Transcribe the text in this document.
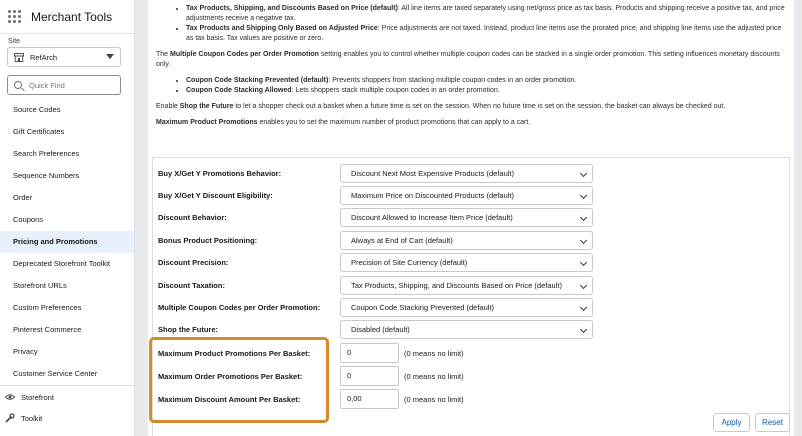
Merchant Tools
Site
RefArch
Quick Find
Source Codes
Gift Certificates
Search Preferences
Sequence Numbers
Order
Coupons
Pricing and Promotions
Deprecated Storefront Toolkit
Storefront URLs
Custom Preferences
Pinterest Commerce
Privacy
Customer Service Center
Storefront
Toolkit
• Tax Products, Shipping, and Discounts Based on Price (default): All line items are taxed separately using net/gross price as tax basis. Products and shipping receive a positive tax, and price adjustments receive a negative tax.
• Tax Products and Shipping Only Based on Adjusted Price: Price adjustments are not taxed. Instead, product line items use the prorated price, and shipping line items use the adjusted price as tax basis. Tax values are positive or zero.

The Multiple Coupon Codes per Order Promotion setting enables you to control whether multiple coupon codes can be stacked in a single order promotion. This setting influences monetary discounts only.

• Coupon Code Stacking Prevented (default): Prevents shoppers from stacking multiple coupon codes in an order promotion.
• Coupon Code Stacking Allowed: Lets shoppers stack multiple coupon codes in an order promotion.

Enable Shop the Future to let a shopper check out a basket when a future time is set on the session. When no future time is set on the session, the basket can always be checked out.

Maximum Product Promotions enables you to set the maximum number of product promotions that can apply to a cart.

Buy X/Get Y Promotions Behavior:	Discount Next Most Expensive Products (default)
Buy X/Get Y Discount Eligibility:	Maximum Price on Discounted Products (default)
Discount Behavior:	Discount Allowed to Increase Item Price (default)
Bonus Product Positioning:	Always at End of Cart (default)
Discount Precision:	Precision of Site Currency (default)
Discount Taxation:	Tax Products, Shipping, and Discounts Based on Price (default)
Multiple Coupon Codes per Order Promotion:	Coupon Code Stacking Prevented (default)
Shop the Future:	Disabled (default)
Maximum Product Promotions Per Basket:	0	(0 means no limit)
Maximum Order Promotions Per Basket:	0	(0 means no limit)
Maximum Discount Amount Per Basket:	0,00	(0 means no limit)
Apply	Reset
